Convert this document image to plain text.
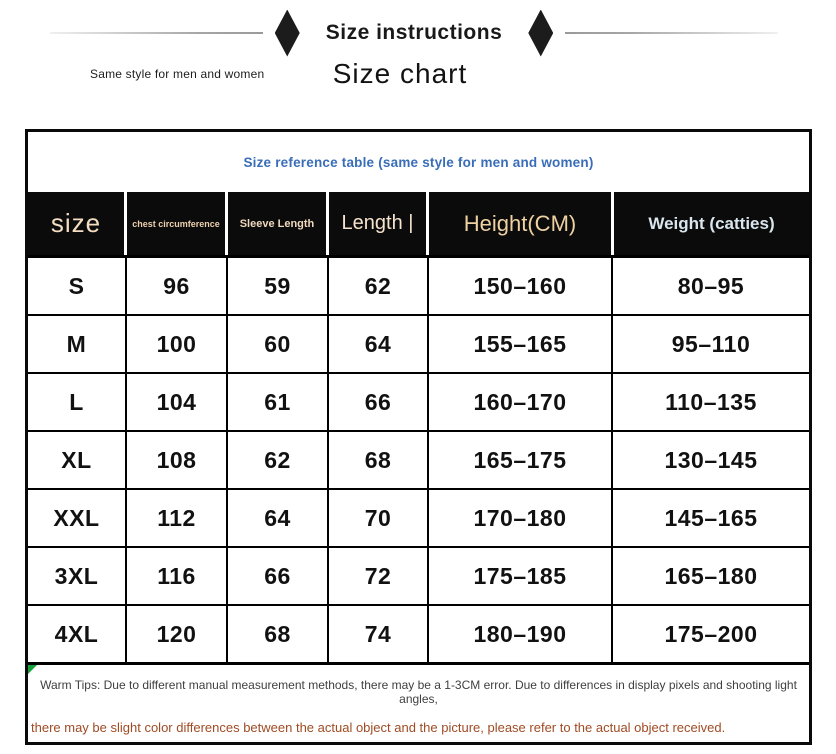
Size instructions
Same style for men and women	Size chart
Size reference table (same style for men and women)
size	chest circumference	Sleeve Length	Length |	Height(CM)	Weight (catties)
S	96	59	62	150–160	80–95
M	100	60	64	155–165	95–110
L	104	61	66	160–170	110–135
XL	108	62	68	165–175	130–145
XXL	112	64	70	170–180	145–165
3XL	116	66	72	175–185	165–180
4XL	120	68	74	180–190	175–200
Warm Tips: Due to different manual measurement methods, there may be a 1-3CM error. Due to differences in display pixels and shooting light angles,
there may be slight color differences between the actual object and the picture, please refer to the actual object received.
